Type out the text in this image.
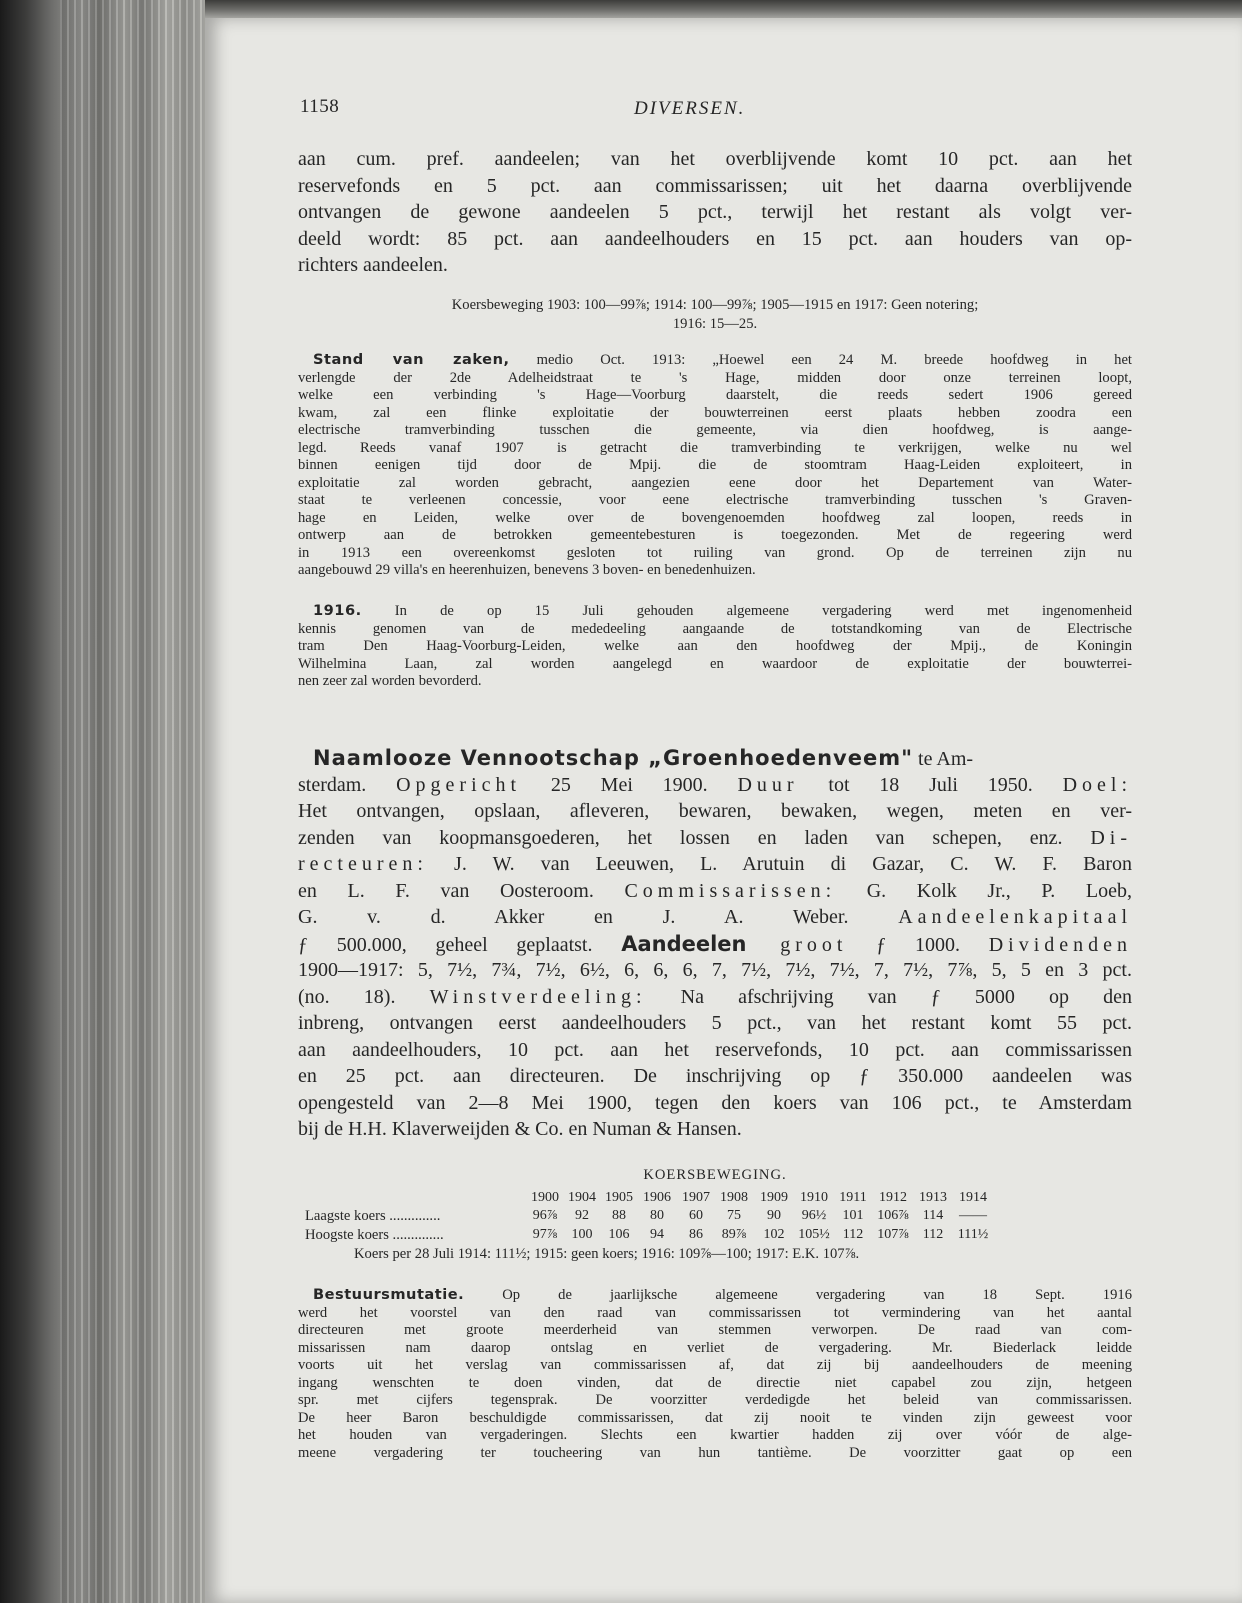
1158	DIVERSEN.
aan cum. pref. aandeelen; van het overblijvende komt 10 pct. aan het
reservefonds en 5 pct. aan commissarissen; uit het daarna overblijvende
ontvangen de gewone aandeelen 5 pct., terwijl het restant als volgt ver-
deeld wordt: 85 pct. aan aandeelhouders en 15 pct. aan houders van op-
richters aandeelen.
Koersbeweging 1903: 100—99⅞; 1914: 100—99⅞; 1905—1915 en 1917: Geen notering;
1916: 15—25.
Stand van zaken, medio Oct. 1913: „Hoewel een 24 M. breede hoofdweg in het
verlengde der 2de Adelheidstraat te 's Hage, midden door onze terreinen loopt,
welke een verbinding 's Hage—Voorburg daarstelt, die reeds sedert 1906 gereed
kwam, zal een flinke exploitatie der bouwterreinen eerst plaats hebben zoodra een
electrische tramverbinding tusschen die gemeente, via dien hoofdweg, is aange-
legd. Reeds vanaf 1907 is getracht die tramverbinding te verkrijgen, welke nu wel
binnen eenigen tijd door de Mpij. die de stoomtram Haag-Leiden exploiteert, in
exploitatie zal worden gebracht, aangezien eene door het Departement van Water-
staat te verleenen concessie, voor eene electrische tramverbinding tusschen 's Graven-
hage en Leiden, welke over de bovengenoemden hoofdweg zal loopen, reeds in
ontwerp aan de betrokken gemeentebesturen is toegezonden. Met de regeering werd
in 1913 een overeenkomst gesloten tot ruiling van grond. Op de terreinen zijn nu
aangebouwd 29 villa's en heerenhuizen, benevens 3 boven- en benedenhuizen.
1916. In de op 15 Juli gehouden algemeene vergadering werd met ingenomenheid
kennis genomen van de mededeeling aangaande de totstandkoming van de Electrische
tram Den Haag-Voorburg-Leiden, welke aan den hoofdweg der Mpij., de Koningin
Wilhelmina Laan, zal worden aangelegd en waardoor de exploitatie der bouwterrei-
nen zeer zal worden bevorderd.
Naamlooze Vennootschap „Groenhoedenveem" te Am-
sterdam. Opgericht 25 Mei 1900. Duur tot 18 Juli 1950. Doel:
Het ontvangen, opslaan, afleveren, bewaren, bewaken, wegen, meten en ver-
zenden van koopmansgoederen, het lossen en laden van schepen, enz. Di-
recteuren: J. W. van Leeuwen, L. Arutuin di Gazar, C. W. F. Baron
en L. F. van Oosteroom. Commissarissen: G. Kolk Jr., P. Loeb,
G. v. d. Akker en J. A. Weber. Aandeelenkapitaal
ƒ 500.000, geheel geplaatst. Aandeelen groot ƒ 1000. Dividenden
1900—1917: 5, 7½, 7¾, 7½, 6½, 6, 6, 6, 7, 7½, 7½, 7½, 7, 7½, 7⅞, 5, 5 en 3 pct.
(no. 18). Winstverdeeling: Na afschrijving van ƒ 5000 op den
inbreng, ontvangen eerst aandeelhouders 5 pct., van het restant komt 55 pct.
aan aandeelhouders, 10 pct. aan het reservefonds, 10 pct. aan commissarissen
en 25 pct. aan directeuren. De inschrijving op ƒ 350.000 aandeelen was
opengesteld van 2—8 Mei 1900, tegen den koers van 106 pct., te Amsterdam
bij de H.H. Klaverweijden & Co. en Numan & Hansen.
KOERSBEWEGING.
1900 1904 1905 1906 1907 1908 1909 1910 1911 1912 1913 1914
Laagste koers ..............	96⅞	92	88	80	60	75	90	96½	101 106⅞	114	——
Hoogste koers ..............	97⅞	100	106	94	86	89⅞	102 105½ 112	107⅞	112	111½
Koers per 28 Juli 1914: 111½; 1915: geen koers; 1916: 109⅞—100; 1917: E.K. 107⅞.
Bestuursmutatie. Op de jaarlijksche algemeene vergadering van 18 Sept. 1916
werd het voorstel van den raad van commissarissen tot vermindering van het aantal
directeuren met groote meerderheid van stemmen verworpen. De raad van com-
missarissen nam daarop ontslag en verliet de vergadering. Mr. Biederlack leidde
voorts uit het verslag van commissarissen af, dat zij bij aandeelhouders de meening
ingang wenschten te doen vinden, dat de directie niet capabel zou zijn, hetgeen
spr. met cijfers tegensprak. De voorzitter verdedigde het beleid van commissarissen.
De heer Baron beschuldigde commissarissen, dat zij nooit te vinden zijn geweest voor
het houden van vergaderingen. Slechts een kwartier hadden zij over vóór de alge-
meene vergadering ter toucheering van hun tantième. De voorzitter gaat op een
